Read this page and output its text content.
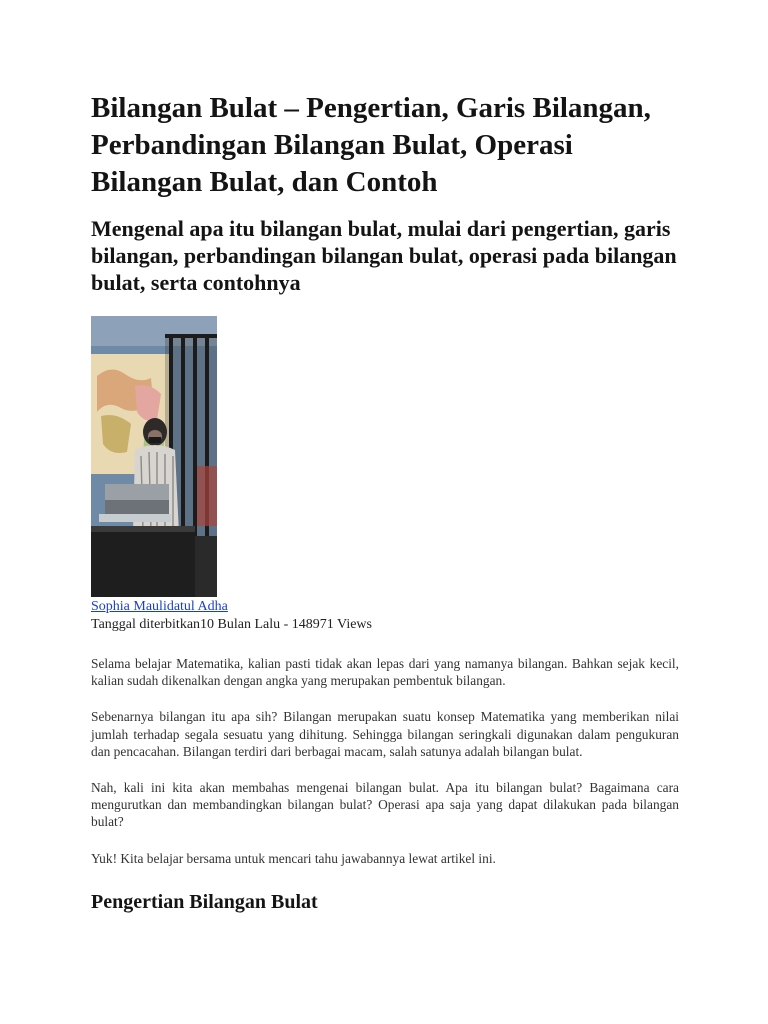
Bilangan Bulat – Pengertian, Garis Bilangan, Perbandingan Bilangan Bulat, Operasi Bilangan Bulat, dan Contoh
Mengenal apa itu bilangan bulat, mulai dari pengertian, garis bilangan, perbandingan bilangan bulat, operasi pada bilangan bulat, serta contohnya
Sophia Maulidatul Adha

Tanggal diterbitkan10 Bulan Lalu - 148971 Views

Selama belajar Matematika, kalian pasti tidak akan lepas dari yang namanya bilangan. Bahkan sejak kecil, kalian sudah dikenalkan dengan angka yang merupakan pembentuk bilangan.

Sebenarnya bilangan itu apa sih? Bilangan merupakan suatu konsep Matematika yang memberikan nilai jumlah terhadap segala sesuatu yang dihitung. Sehingga bilangan seringkali digunakan dalam pengukuran dan pencacahan. Bilangan terdiri dari berbagai macam, salah satunya adalah bilangan bulat.

Nah, kali ini kita akan membahas mengenai bilangan bulat. Apa itu bilangan bulat? Bagaimana cara mengurutkan dan membandingkan bilangan bulat? Operasi apa saja yang dapat dilakukan pada bilangan bulat?

Yuk! Kita belajar bersama untuk mencari tahu jawabannya lewat artikel ini.

Pengertian Bilangan Bulat
